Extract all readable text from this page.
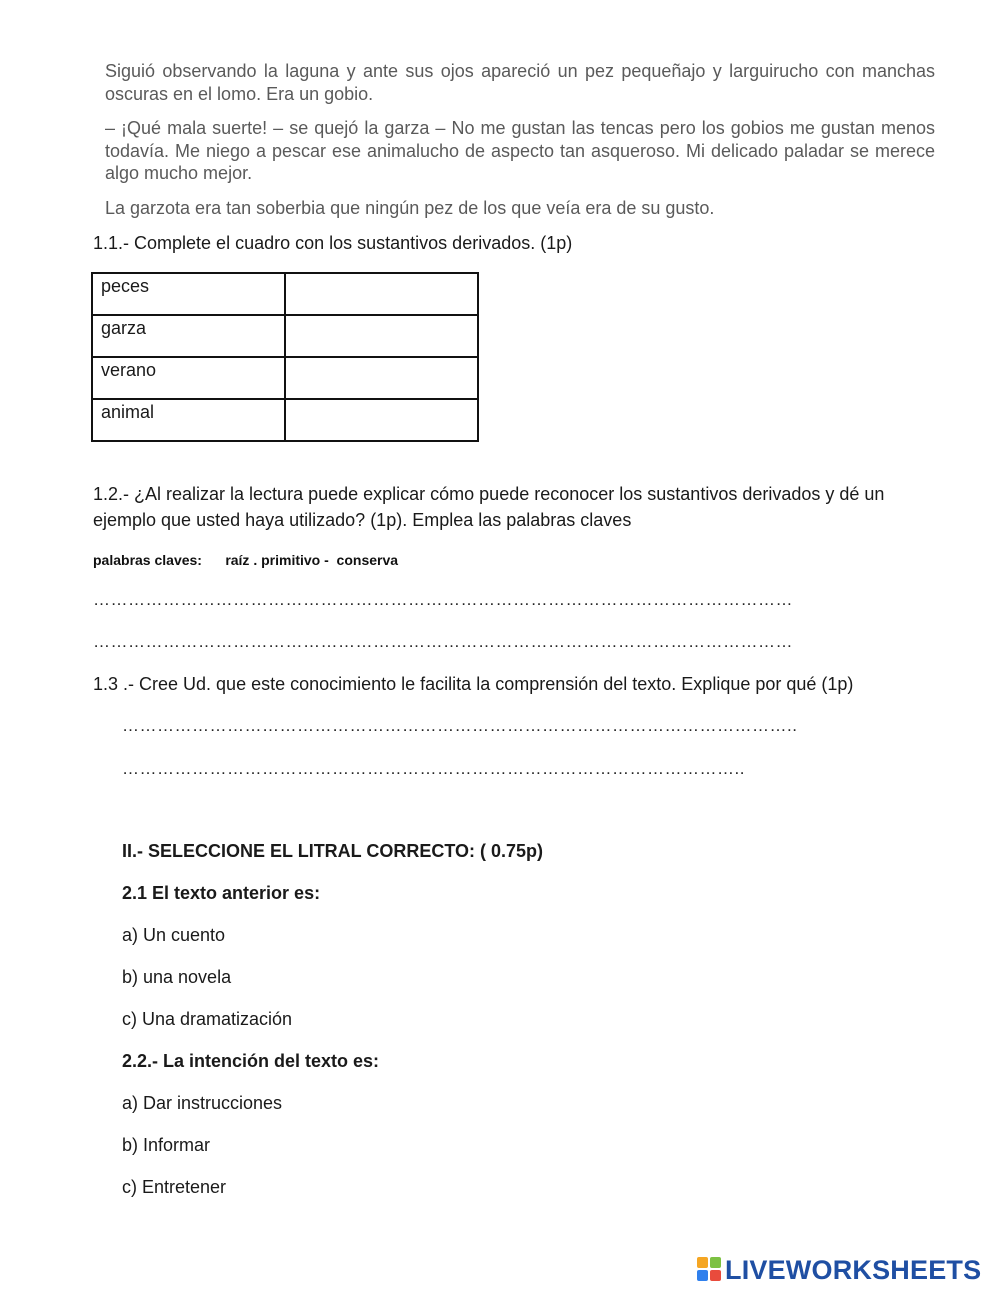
Siguió observando la laguna y ante sus ojos apareció un pez pequeñajo y larguirucho con manchas oscuras en el lomo. Era un gobio.
– ¡Qué mala suerte! – se quejó la garza – No me gustan las tencas pero los gobios me gustan menos todavía. Me niego a pescar ese animalucho de aspecto tan asqueroso. Mi delicado paladar se merece algo mucho mejor.
La garzota era tan soberbia que ningún pez de los que veía era de su gusto.
1.1.- Complete el cuadro con los sustantivos derivados. (1p)
peces	
garza	
verano	
animal	
1.2.- ¿Al realizar la lectura puede explicar cómo puede reconocer los sustantivos derivados y dé un ejemplo que usted haya utilizado? (1p). Emplea las palabras claves
palabras claves: raíz . primitivo -  conserva
…………………………………………………………………………………………………………
…………………………………………………………………………………………………………
1.3 .- Cree Ud. que este conocimiento le facilita la comprensión del texto. Explique por qué (1p)
……………………………………………………………………………………………………..
……………………………………………………………………………………………..
II.- SELECCIONE EL LITRAL CORRECTO: ( 0.75p)
2.1 El texto anterior es:
a) Un cuento
b) una novela
c) Una dramatización
2.2.- La intención del texto es:
a) Dar instrucciones
b) Informar
c) Entretener
LIVEWORKSHEETS
